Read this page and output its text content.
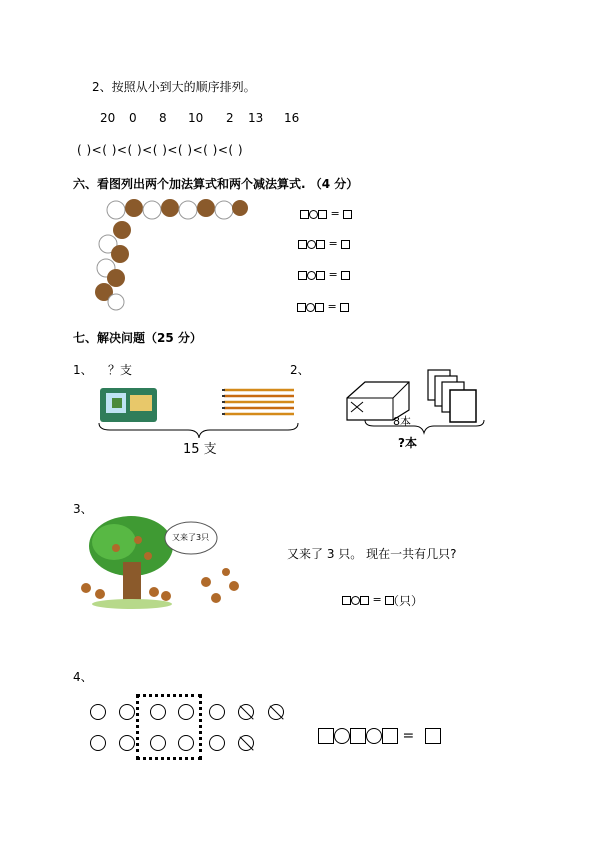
2、按照从小到大的顺序排列。
20 0 8 10 2 13 16
( )<( )<( )<( )<( )<( )<( )
六、看图列出两个加法算式和两个减法算式. （4 分）
=
=
=
=
七、解决问题（25 分）
1、 ？支
15 支
2、
8本
?本
3、
又来了3只
又来了 3 只。 现在一共有几只?
= （只）
4、
=
